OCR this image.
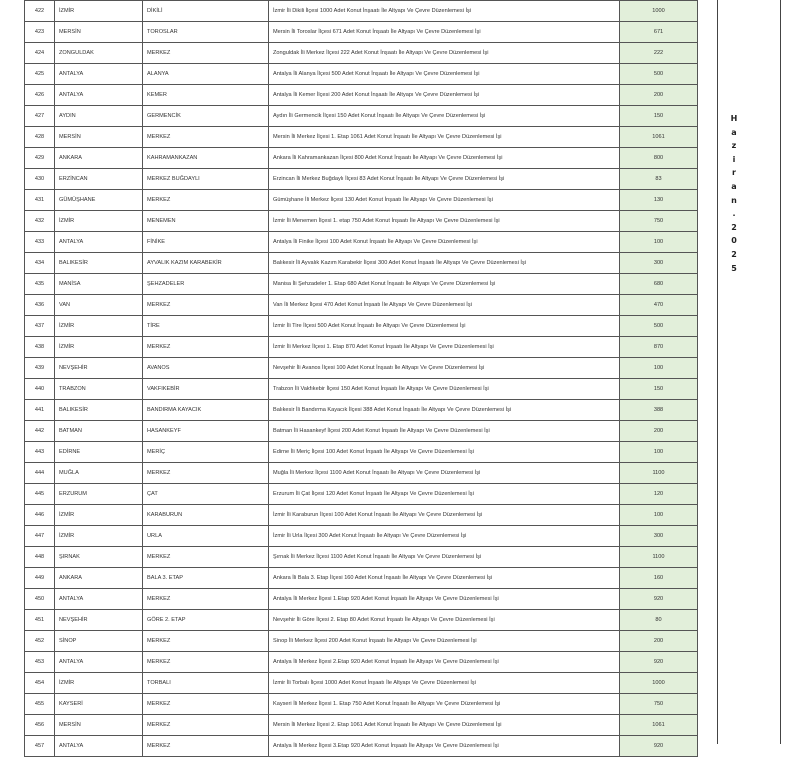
422	İZMİR	DİKİLİ	İzmir İli Dikili İlçesi 1000 Adet Konut İnşaatı İle Altyapı Ve Çevre Düzenlemesi İşi	1000
423	MERSİN	TOROSLAR	Mersin İli Toroslar İlçesi 671 Adet Konut İnşaatı İle Altyapı Ve Çevre Düzenlemesi İşi	671
424	ZONGULDAK	MERKEZ	Zonguldak İli Merkez İlçesi 222 Adet Konut İnşaatı İle Altyapı Ve Çevre Düzenlemesi İşi	222
425	ANTALYA	ALANYA	Antalya İli Alanya İlçesi 500 Adet Konut İnşaatı İle Altyapı Ve Çevre Düzenlemesi İşi	500
426	ANTALYA	KEMER	Antalya İli Kemer İlçesi 200 Adet Konut İnşaatı İle Altyapı Ve Çevre Düzenlemesi İşi	200
427	AYDIN	GERMENCİK	Aydın İli Germencik İlçesi 150 Adet Konut İnşaatı İle Altyapı Ve Çevre Düzenlemesi İşi	150
428	MERSİN	MERKEZ	Mersin İli Merkez İlçesi 1. Etap 1061 Adet Konut İnşaatı İle Altyapı Ve Çevre Düzenlemesi İşi	1061
429	ANKARA	KAHRAMANKAZAN	Ankara İli Kahramankazan İlçesi 800 Adet Konut İnşaatı İle Altyapı Ve Çevre Düzenlemesi İşi	800
430	ERZİNCAN	MERKEZ BUĞDAYLI	Erzincan İli Merkez Buğdaylı İlçesi 83 Adet Konut İnşaatı İle Altyapı Ve Çevre Düzenlemesi İşi	83
431	GÜMÜŞHANE	MERKEZ	Gümüşhane İli Merkez İlçesi 130 Adet Konut İnşaatı İle Altyapı Ve Çevre Düzenlemesi İşi	130
432	İZMİR	MENEMEN	İzmir İli Menemen İlçesi 1. etap 750 Adet Konut İnşaatı İle Altyapı Ve Çevre Düzenlemesi İşi	750
433	ANTALYA	FİNİKE	Antalya İli Finike İlçesi 100 Adet Konut İnşaatı İle Altyapı Ve Çevre Düzenlemesi İşi	100
434	BALIKESİR	AYVALIK KAZIM KARABEKİR	Balıkesir İli Ayvalık Kazım Karabekir İlçesi 300 Adet Konut İnşaatı İle Altyapı Ve Çevre Düzenlemesi İşi	300
435	MANİSA	ŞEHZADELER	Manisa İli Şehzadeler 1. Etap 680 Adet Konut İnşaatı İle Altyapı Ve Çevre Düzenlemesi İşi	680
436	VAN	MERKEZ	Van İli Merkez İlçesi 470 Adet Konut İnşaatı İle Altyapı Ve Çevre Düzenlemesi İşi	470
437	İZMİR	TİRE	İzmir İli Tire İlçesi 500 Adet Konut İnşaatı İle Altyapı Ve Çevre Düzenlemesi İşi	500
438	İZMİR	MERKEZ	İzmir İli Merkez İlçesi 1. Etap 870 Adet Konut İnşaatı İle Altyapı Ve Çevre Düzenlemesi İşi	870
439	NEVŞEHİR	AVANOS	Nevşehir İli Avanos İlçesi 100 Adet Konut İnşaatı İle Altyapı Ve Çevre Düzenlemesi İşi	100
440	TRABZON	VAKFIKEBİR	Trabzon İli Vakfıkebir İlçesi 150 Adet Konut İnşaatı İle Altyapı Ve Çevre Düzenlemesi İşi	150
441	BALIKESİR	BANDIRMA KAYACIK	Balıkesir İli Bandırma Kayacık İlçesi 388 Adet Konut İnşaatı İle Altyapı Ve Çevre Düzenlemesi İşi	388
442	BATMAN	HASANKEYF	Batman İli Hasankeyf İlçesi 200 Adet Konut İnşaatı İle Altyapı Ve Çevre Düzenlemesi İşi	200
443	EDİRNE	MERİÇ	Edirne İli Meriç İlçesi 100 Adet Konut İnşaatı İle Altyapı Ve Çevre Düzenlemesi İşi	100
444	MUĞLA	MERKEZ	Muğla İli Merkez İlçesi 1100 Adet Konut İnşaatı İle Altyapı Ve Çevre Düzenlemesi İşi	1100
445	ERZURUM	ÇAT	Erzurum İli Çat İlçesi 120 Adet Konut İnşaatı İle Altyapı Ve Çevre Düzenlemesi İşi	120
446	İZMİR	KARABURUN	İzmir İli Karaburun İlçesi 100 Adet Konut İnşaatı İle Altyapı Ve Çevre Düzenlemesi İşi	100
447	İZMİR	URLA	İzmir İli Urla İlçesi 300 Adet Konut İnşaatı İle Altyapı Ve Çevre Düzenlemesi İşi	300
448	ŞIRNAK	MERKEZ	Şırnak İli Merkez İlçesi 1100 Adet Konut İnşaatı İle Altyapı Ve Çevre Düzenlemesi İşi	1100
449	ANKARA	BALA 3. ETAP	Ankara İli Bala 3. Etap İlçesi 160 Adet Konut İnşaatı İle Altyapı Ve Çevre Düzenlemesi İşi	160
450	ANTALYA	MERKEZ	Antalya İli Merkez İlçesi 1.Etap 920 Adet Konut İnşaatı İle Altyapı Ve Çevre Düzenlemesi İşi	920
451	NEVŞEHİR	GÖRE 2. ETAP	Nevşehir İli Göre İlçesi 2. Etap 80 Adet Konut İnşaatı İle Altyapı Ve Çevre Düzenlemesi İşi	80
452	SİNOP	MERKEZ	Sinop İli Merkez İlçesi 200 Adet Konut İnşaatı İle Altyapı Ve Çevre Düzenlemesi İşi	200
453	ANTALYA	MERKEZ	Antalya İli Merkez İlçesi 2.Etap 920 Adet Konut İnşaatı İle Altyapı Ve Çevre Düzenlemesi İşi	920
454	İZMİR	TORBALI	İzmir İli Torbalı İlçesi 1000 Adet Konut İnşaatı İle Altyapı Ve Çevre Düzenlemesi İşi	1000
455	KAYSERİ	MERKEZ	Kayseri İli Merkez İlçesi 1. Etap 750 Adet Konut İnşaatı İle Altyapı Ve Çevre Düzenlemesi İşi	750
456	MERSİN	MERKEZ	Mersin İli Merkez İlçesi 2. Etap 1061 Adet Konut İnşaatı İle Altyapı Ve Çevre Düzenlemesi İşi	1061
457	ANTALYA	MERKEZ	Antalya İli Merkez İlçesi 3.Etap 920 Adet Konut İnşaatı İle Altyapı Ve Çevre Düzenlemesi İşi	920
H
a
z
i
r
a
n
.
2
0
2
5
